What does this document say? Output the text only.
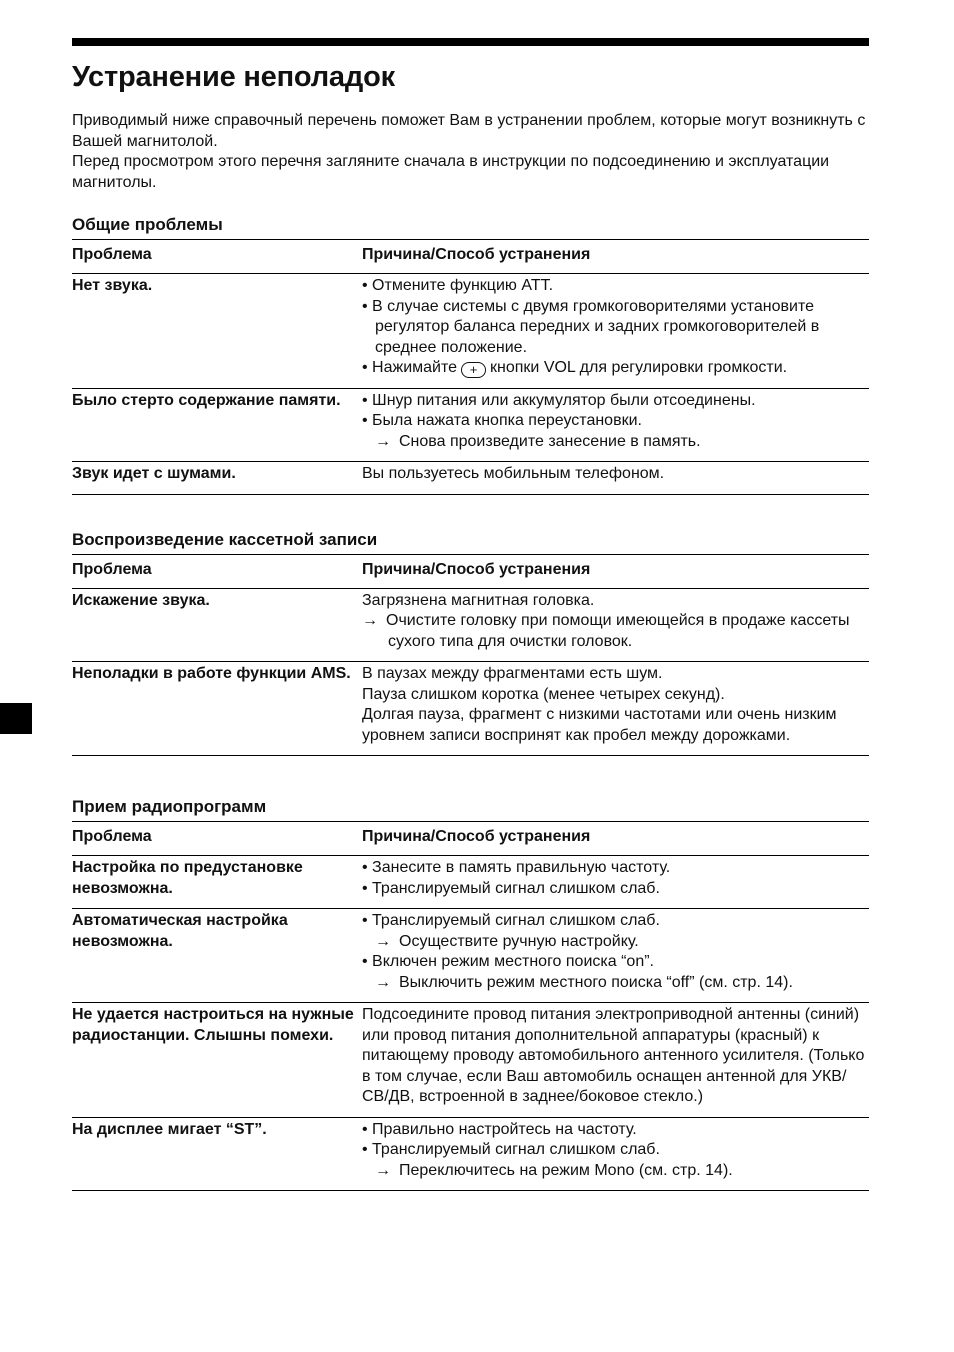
Устранение неполадок

Приводимый ниже справочный перечень поможет Вам в устранении проблем, которые могут возникнуть с Вашей магнитолой.

Перед просмотром этого перечня загляните сначала в инструкции по подсоединению и эксплуатации магнитолы.

Общие проблемы
Проблема	Причина/Способ устранения
Нет звука.	• Отмените функцию ATT.
• В случае системы с двумя громкоговорителями установите регулятор баланса передних и задних громкоговорителей в среднее положение.
• Нажимайте + кнопки VOL для регулировки громкости.

Было стерто содержание памяти.	• Шнур питания или аккумулятор были отсоединены.
• Была нажата кнопка переустановки.
→ Снова произведите занесение в память.

Звук идет с шумами.	Вы пользуетесь мобильным телефоном.
Воспроизведение кассетной записи
Проблема	Причина/Способ устранения
Искажение звука.	Загрязнена магнитная головка.
→ Очистите головку при помощи имеющейся в продаже кассеты сухого типа для очистки головок.

Неполадки в работе функции AMS.	В паузах между фрагментами есть шум.
Пауза слишком коротка (менее четырех секунд).
Долгая пауза, фрагмент с низкими частотами или очень низким уровнем записи воспринят как пробел между дорожками.
Прием радиопрограмм
Проблема	Причина/Способ устранения
Настройка по предустановке невозможна.	• Занесите в память правильную частоту.
• Транслируемый сигнал слишком слаб.

Автоматическая настройка невозможна.	• Транслируемый сигнал слишком слаб.
→ Осуществите ручную настройку.
• Включен режим местного поиска “on”.
→ Выключить режим местного поиска “off” (см. стр. 14).

Не удается настроиться на нужные радиостанции. Слышны помехи.	Подсоедините провод питания электроприводной антенны (синий) или провод питания дополнительной аппаратуры (красный) к питающему проводу автомобильного антенного усилителя. (Только в том случае, если Ваш автомобиль оснащен антенной для УКВ/СВ/ДВ, встроенной в заднее/боковое стекло.)

На дисплее мигает “ST”.	• Правильно настройтесь на частоту.
• Транслируемый сигнал слишком слаб.
→ Переключитесь на режим Mono (см. стр. 14).
